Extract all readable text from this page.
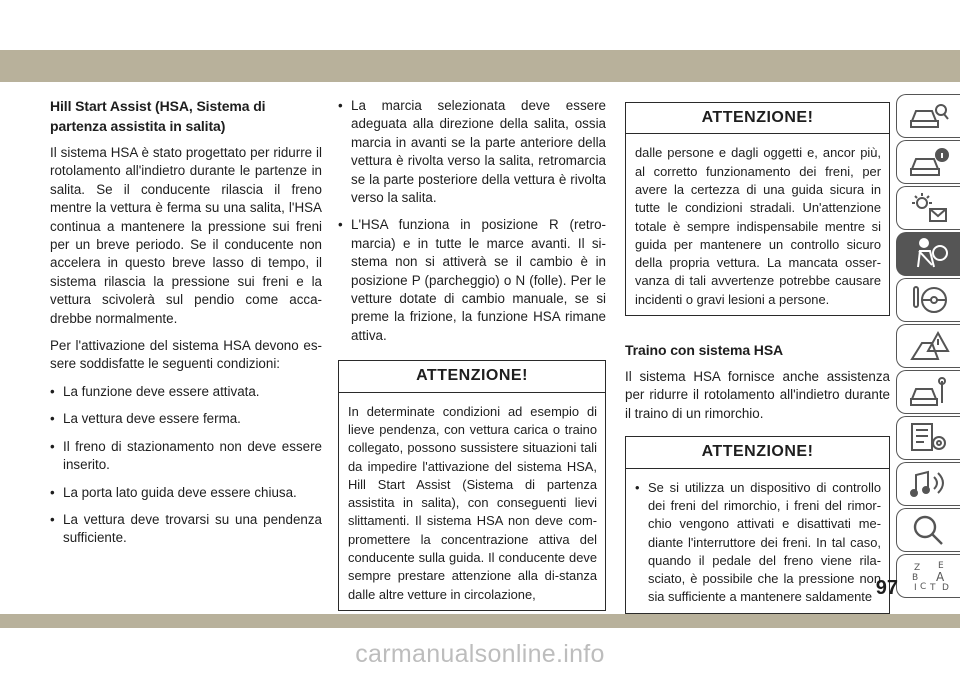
Hill Start Assist (HSA, Sistema di partenza assistita in salita)

Il sistema HSA è stato progettato per ridurre il rotolamento all'indietro durante le partenze in salita. Se il conducente rilascia il freno mentre la vettura è ferma su una salita, l'HSA continua a mantenere la pressione sui freni per un breve periodo. Se il conducente non accelera in questo breve lasso di tempo, il sistema rilascia la pressione sui freni e la vettura scivolerà sul pendio come acca-drebbe normalmente.

Per l'attivazione del sistema HSA devono es-sere soddisfatte le seguenti condizioni:

• La funzione deve essere attivata.
• La vettura deve essere ferma.
• Il freno di stazionamento non deve essere inserito.
• La porta lato guida deve essere chiusa.
• La vettura deve trovarsi su una pendenza sufficiente.
• La marcia selezionata deve essere adeguata alla direzione della salita, ossia marcia in avanti se la parte anteriore della vettura è rivolta verso la salita, retromarcia se la parte posteriore della vettura è rivolta verso la salita.
• L'HSA funziona in posizione R (retro-marcia) e in tutte le marce avanti. Il si-stema non si attiverà se il cambio è in posizione P (parcheggio) o N (folle). Per le vetture dotate di cambio manuale, se si preme la frizione, la funzione HSA rimane attiva.
ATTENZIONE!
In determinate condizioni ad esempio di lieve pendenza, con vettura carica o traino collegato, possono sussistere situazioni tali da impedire l'attivazione del sistema HSA, Hill Start Assist (Sistema di partenza assistita in salita), con conseguenti lievi slittamenti. Il sistema HSA non deve com-promettere la concentrazione attiva del conducente sulla guida. Il conducente deve sempre prestare attenzione alla di-stanza dalle altre vetture in circolazione,
ATTENZIONE!
dalle persone e dagli oggetti e, ancor più, al corretto funzionamento dei freni, per avere la certezza di una guida sicura in tutte le condizioni stradali. Un'attenzione totale è sempre indispensabile mentre si guida per mantenere un controllo sicuro della propria vettura. La mancata osser-vanza di tali avvertenze potrebbe causare incidenti o gravi lesioni a persone.
Traino con sistema HSA

Il sistema HSA fornisce anche assistenza per ridurre il rotolamento all'indietro durante il traino di un rimorchio.

ATTENZIONE!
• Se si utilizza un dispositivo di controllo dei freni del rimorchio, i freni del rimor-chio vengono attivati e disattivati me-diante l'interruttore dei freni. In tal caso, quando il pedale del freno viene rila-sciato, è possibile che la pressione non sia sufficiente a mantenere saldamente
Z E
B A
C D
I T
97
carmanualsonline.info
